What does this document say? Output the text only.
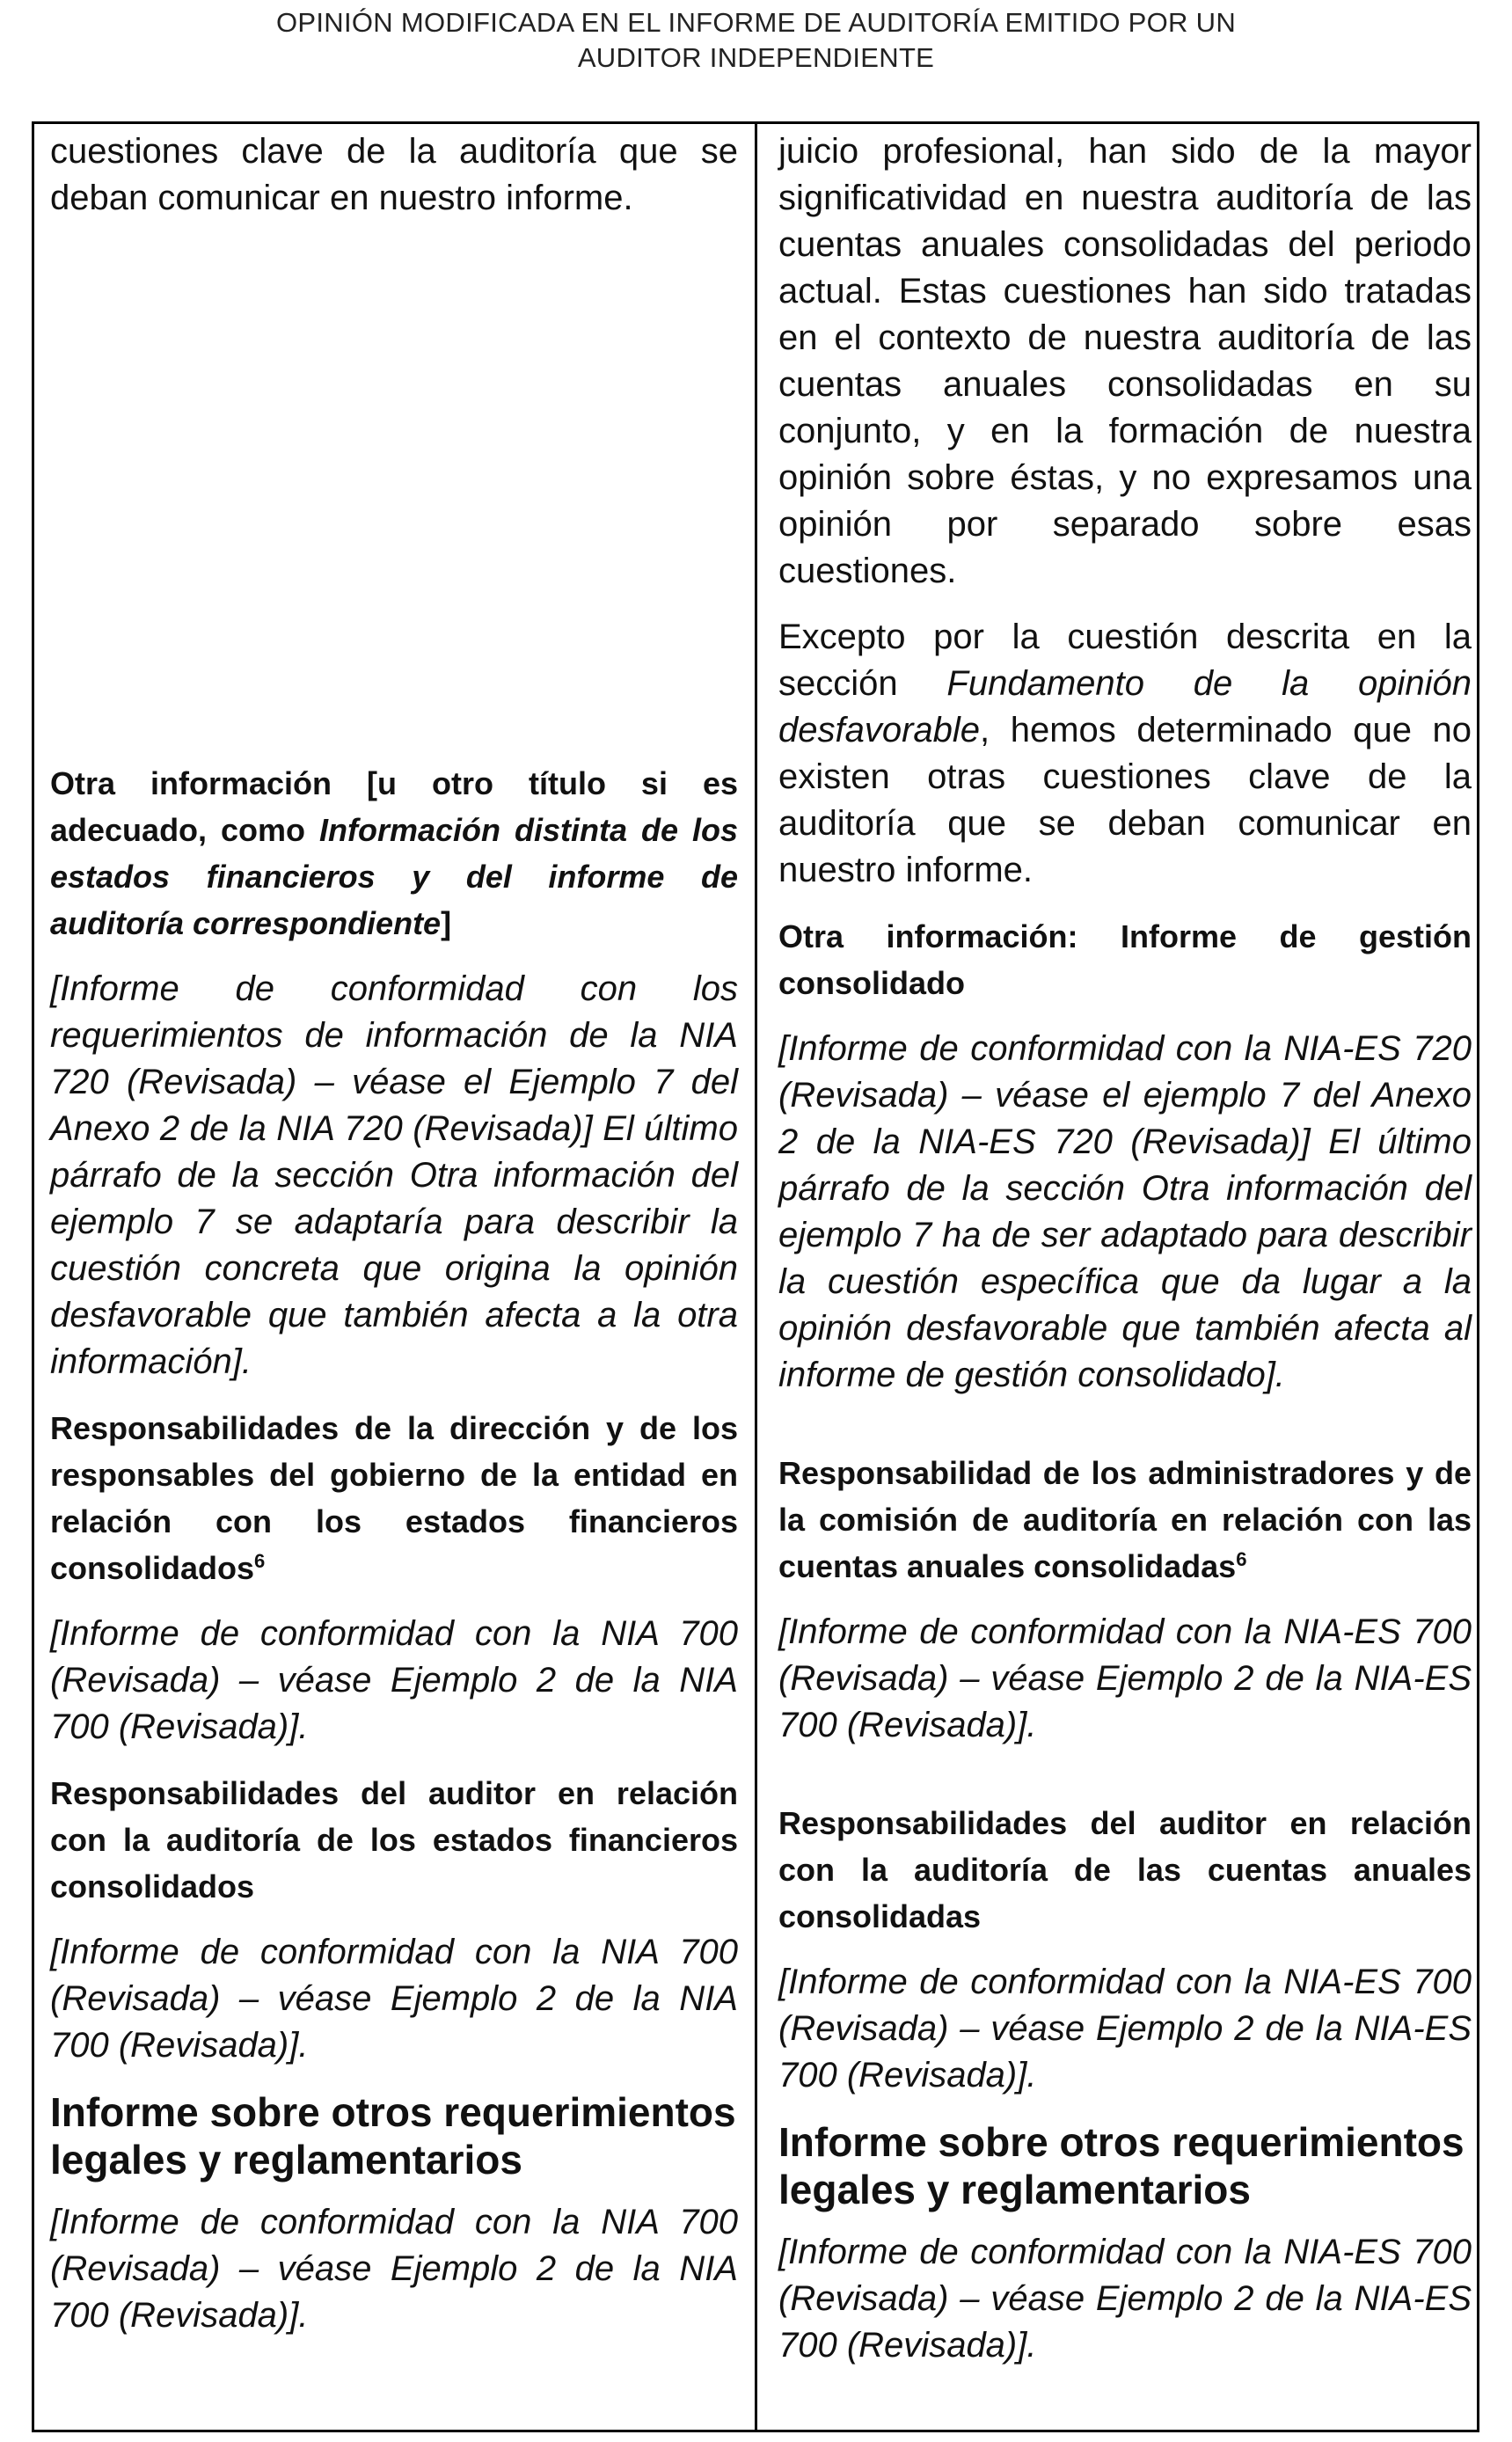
OPINIÓN MODIFICADA EN EL INFORME DE AUDITORÍA EMITIDO POR UN
AUDITOR INDEPENDIENTE

cuestiones clave de la auditoría que se deban comunicar en nuestro informe.

Otra información [u otro título si es adecuado, como Información distinta de los estados financieros y del informe de auditoría correspondiente]

[Informe de conformidad con los requerimientos de información de la NIA 720 (Revisada) – véase el Ejemplo 7 del Anexo 2 de la NIA 720 (Revisada)] El último párrafo de la sección Otra información del ejemplo 7 se adaptaría para describir la cuestión concreta que origina la opinión desfavorable que también afecta a la otra información].

Responsabilidades de la dirección y de los responsables del gobierno de la entidad en relación con los estados financieros consolidados$^6$

[Informe de conformidad con la NIA 700 (Revisada) – véase Ejemplo 2 de la NIA 700 (Revisada)].

Responsabilidades del auditor en relación con la auditoría de los estados financieros consolidados

[Informe de conformidad con la NIA 700 (Revisada) – véase Ejemplo 2 de la NIA 700 (Revisada)].

Informe sobre otros requerimientos legales y reglamentarios

[Informe de conformidad con la NIA 700 (Revisada) – véase Ejemplo 2 de la NIA 700 (Revisada)].

juicio profesional, han sido de la mayor significatividad en nuestra auditoría de las cuentas anuales consolidadas del periodo actual. Estas cuestiones han sido tratadas en el contexto de nuestra auditoría de las cuentas anuales consolidadas en su conjunto, y en la formación de nuestra opinión sobre éstas, y no expresamos una opinión por separado sobre esas cuestiones.

Excepto por la cuestión descrita en la sección Fundamento de la opinión desfavorable, hemos determinado que no existen otras cuestiones clave de la auditoría que se deban comunicar en nuestro informe.

Otra información: Informe de gestión consolidado

[Informe de conformidad con la NIA-ES 720 (Revisada) – véase el ejemplo 7 del Anexo 2 de la NIA-ES 720 (Revisada)] El último párrafo de la sección Otra información del ejemplo 7 ha de ser adaptado para describir la cuestión específica que da lugar a la opinión desfavorable que también afecta al informe de gestión consolidado].

Responsabilidad de los administradores y de la comisión de auditoría en relación con las cuentas anuales consolidadas$^6$

[Informe de conformidad con la NIA-ES 700 (Revisada) – véase Ejemplo 2 de la NIA-ES 700 (Revisada)].

Responsabilidades del auditor en relación con la auditoría de las cuentas anuales consolidadas

[Informe de conformidad con la NIA-ES 700 (Revisada) – véase Ejemplo 2 de la NIA-ES 700 (Revisada)].

Informe sobre otros requerimientos legales y reglamentarios

[Informe de conformidad con la NIA-ES 700 (Revisada) – véase Ejemplo 2 de la NIA-ES 700 (Revisada)].
